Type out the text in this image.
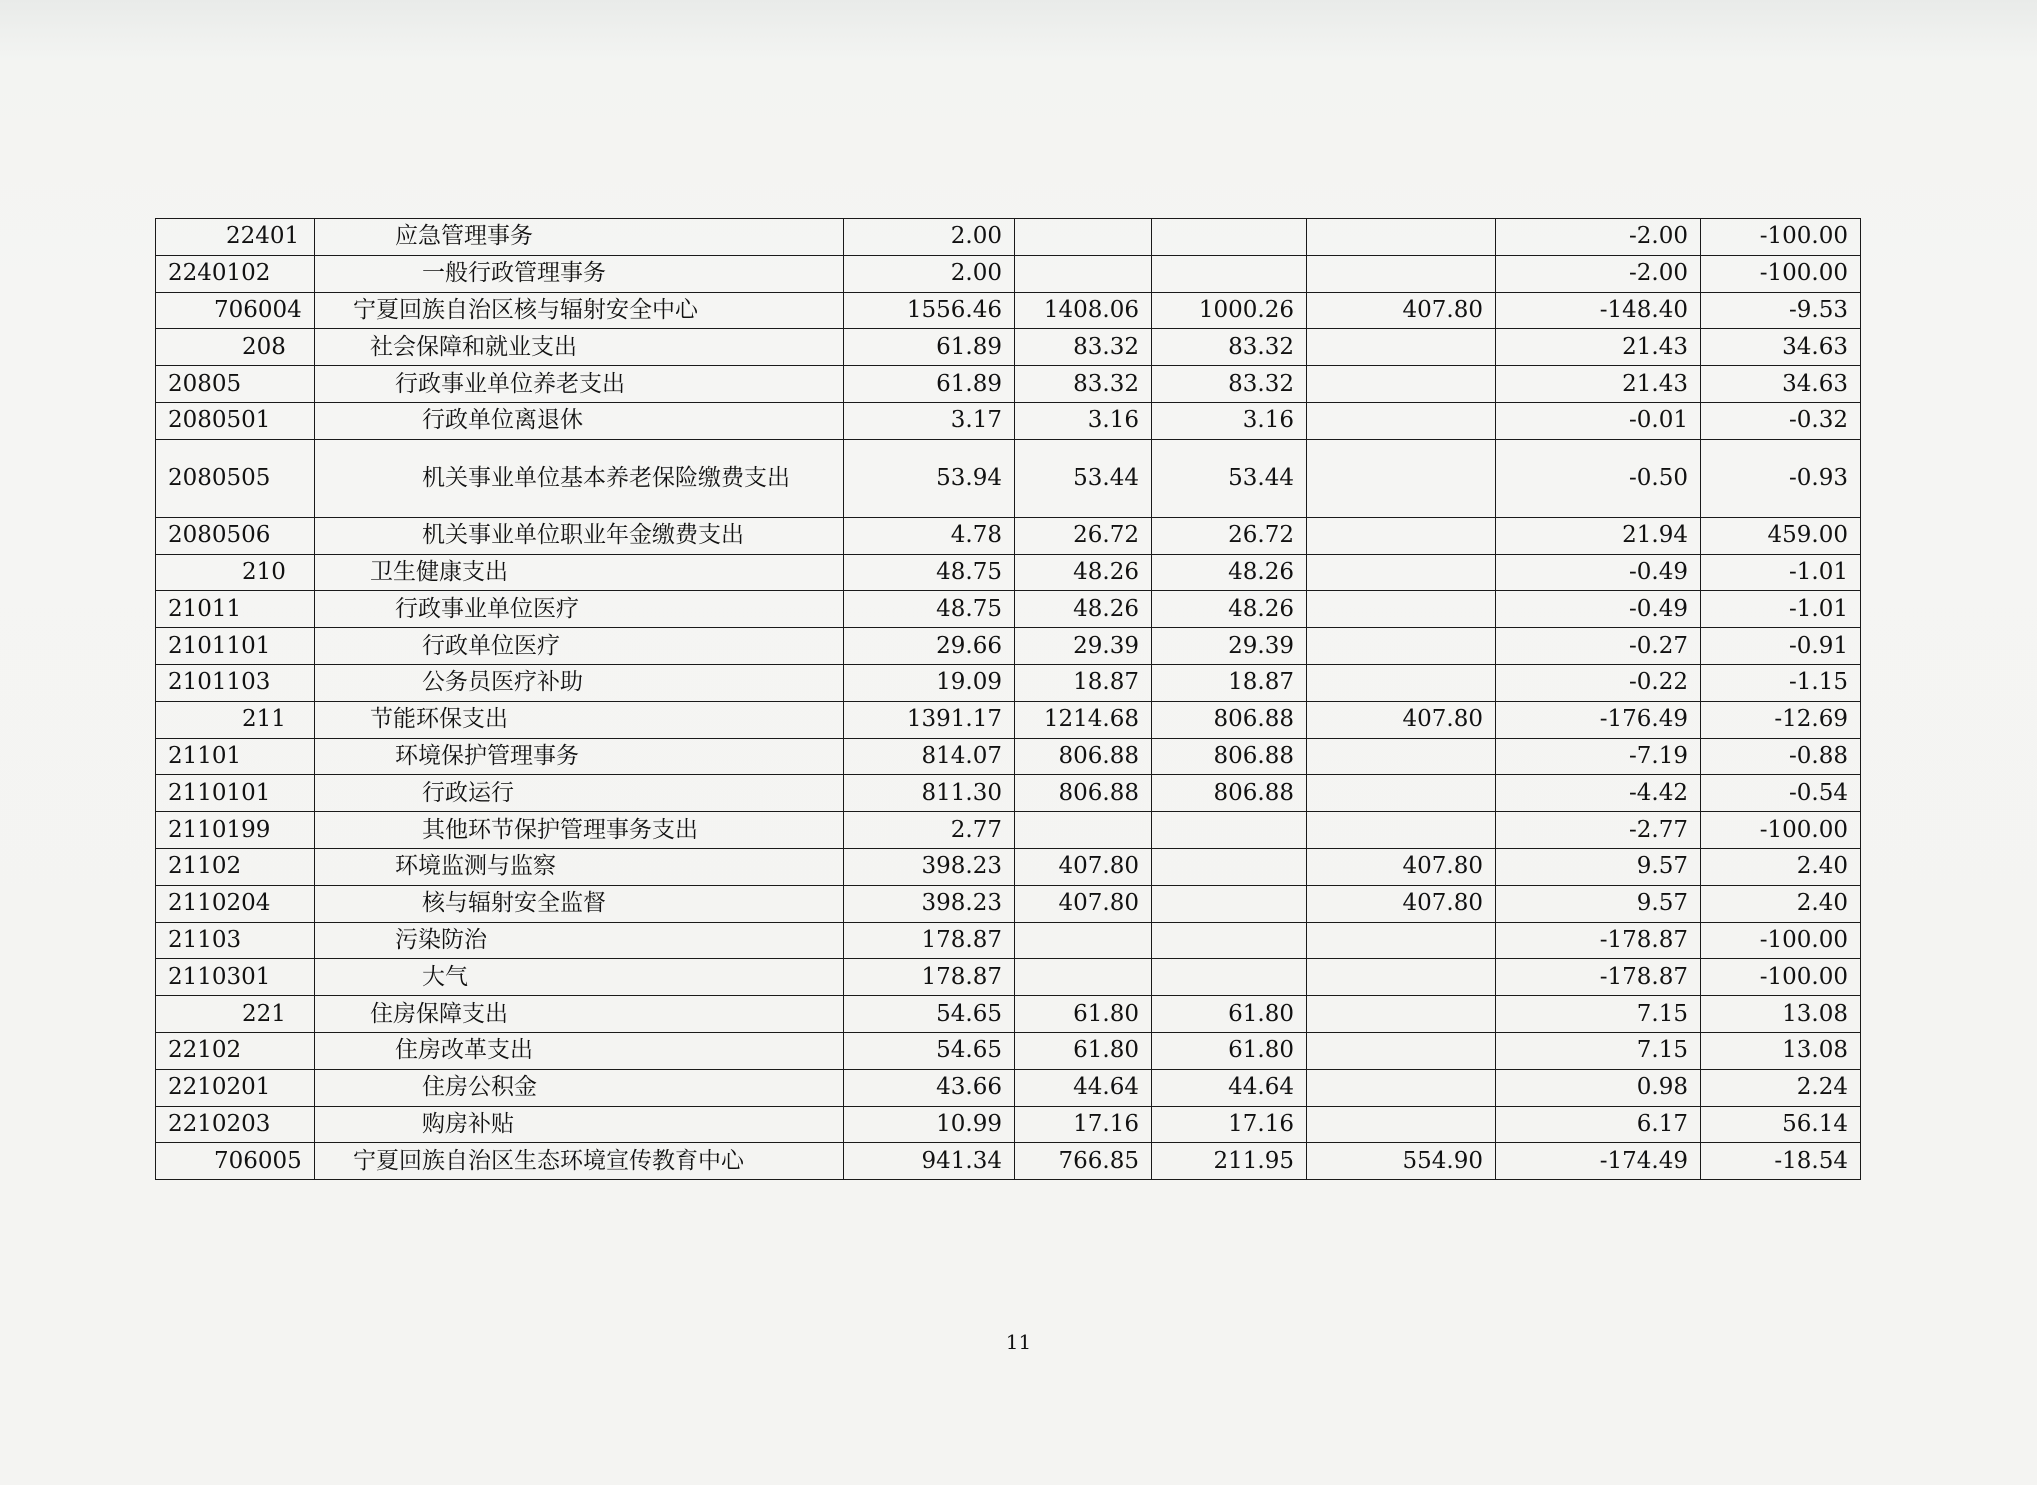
22401	应急管理事务	2.00				-2.00	-100.00
2240102	一般行政管理事务	2.00				-2.00	-100.00
706004	宁夏回族自治区核与辐射安全中心	1556.46	1408.06	1000.26	407.80	-148.40	-9.53
208	社会保障和就业支出	61.89	83.32	83.32		21.43	34.63
20805	行政事业单位养老支出	61.89	83.32	83.32		21.43	34.63
2080501	行政单位离退休	3.17	3.16	3.16		-0.01	-0.32
2080505	机关事业单位基本养老保险缴费支出	53.94	53.44	53.44		-0.50	-0.93
2080506	机关事业单位职业年金缴费支出	4.78	26.72	26.72		21.94	459.00
210	卫生健康支出	48.75	48.26	48.26		-0.49	-1.01
21011	行政事业单位医疗	48.75	48.26	48.26		-0.49	-1.01
2101101	行政单位医疗	29.66	29.39	29.39		-0.27	-0.91
2101103	公务员医疗补助	19.09	18.87	18.87		-0.22	-1.15
211	节能环保支出	1391.17	1214.68	806.88	407.80	-176.49	-12.69
21101	环境保护管理事务	814.07	806.88	806.88		-7.19	-0.88
2110101	行政运行	811.30	806.88	806.88		-4.42	-0.54
2110199	其他环节保护管理事务支出	2.77				-2.77	-100.00
21102	环境监测与监察	398.23	407.80		407.80	9.57	2.40
2110204	核与辐射安全监督	398.23	407.80		407.80	9.57	2.40
21103	污染防治	178.87				-178.87	-100.00
2110301	大气	178.87				-178.87	-100.00
221	住房保障支出	54.65	61.80	61.80		7.15	13.08
22102	住房改革支出	54.65	61.80	61.80		7.15	13.08
2210201	住房公积金	43.66	44.64	44.64		0.98	2.24
2210203	购房补贴	10.99	17.16	17.16		6.17	56.14
706005	宁夏回族自治区生态环境宣传教育中心	941.34	766.85	211.95	554.90	-174.49	-18.54
11
